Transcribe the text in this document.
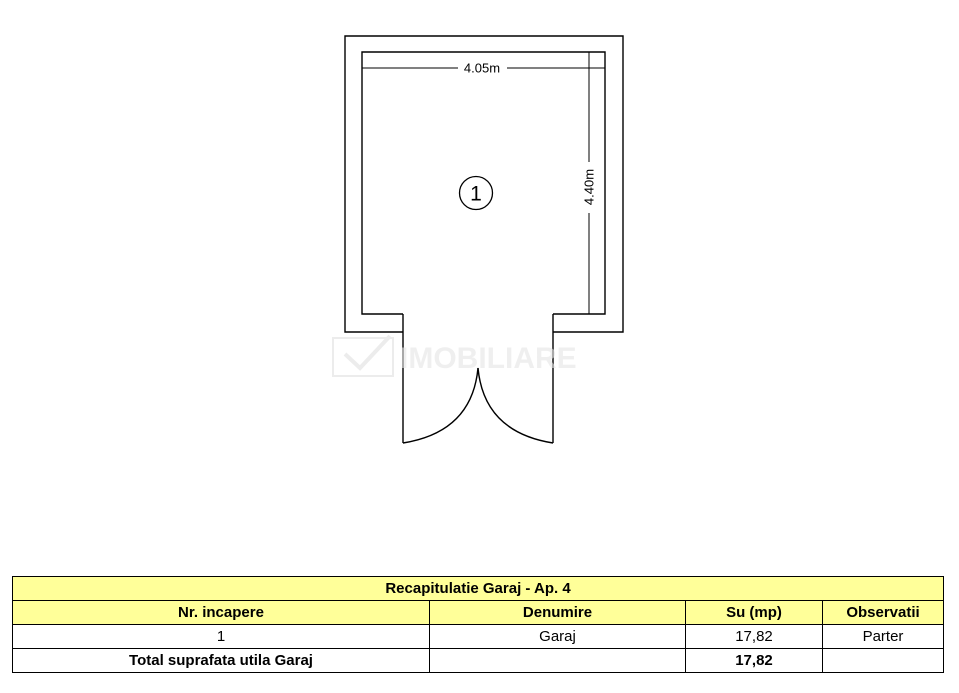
4.05m
4.40m
1
IMOBILIARE
Recapitulatie Garaj - Ap. 4			
Nr. incapere	Denumire	Su (mp)	Observatii
1	Garaj	17,82	Parter
Total suprafata utila Garaj		17,82	
